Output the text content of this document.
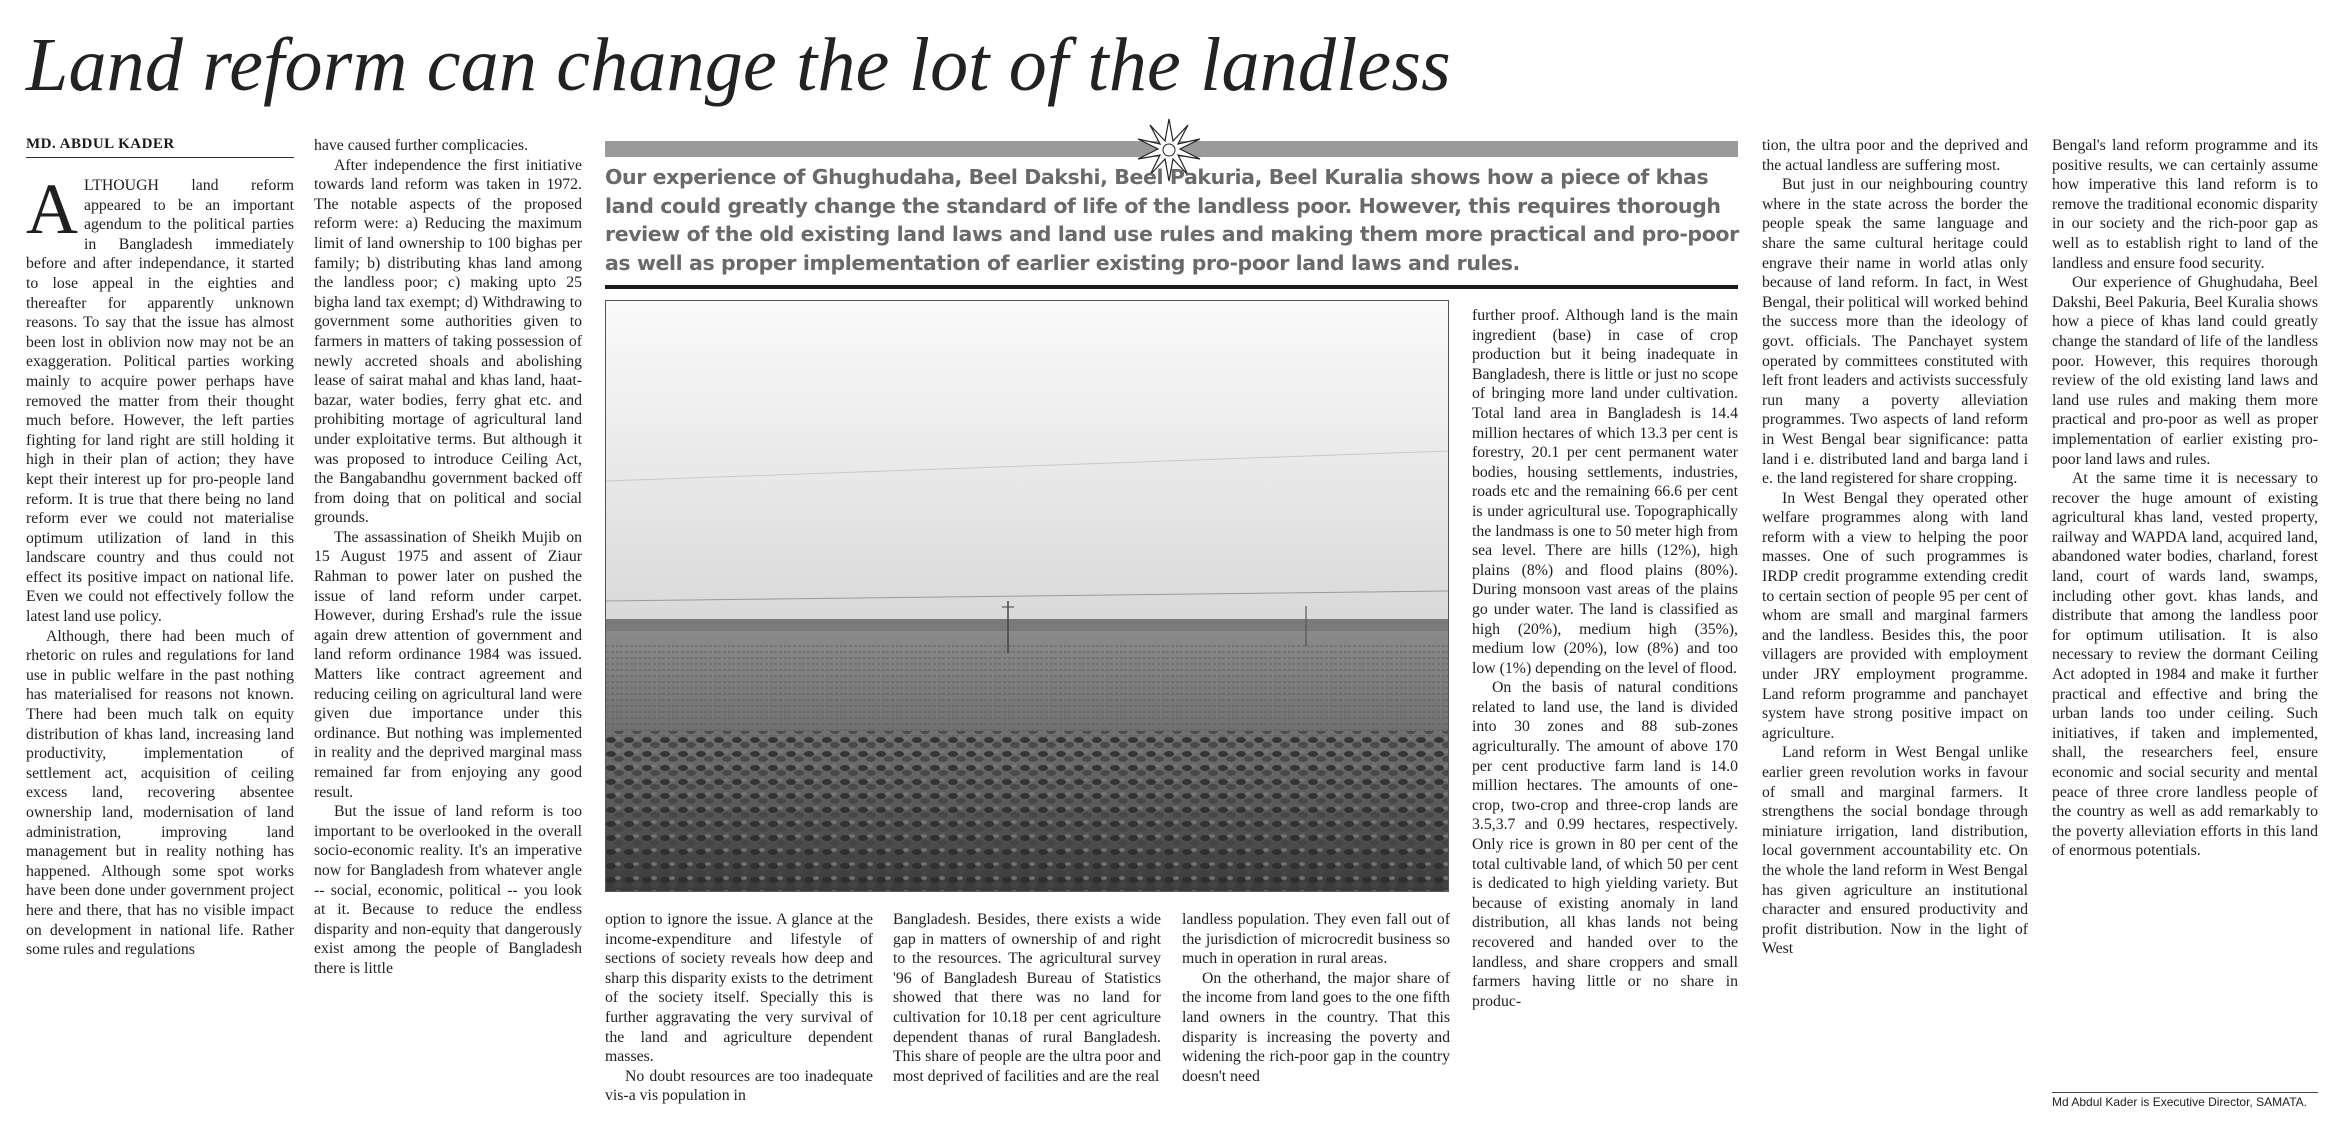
Land reform can change the lot of the landless
MD. ABDUL KADER
A LTHOUGH land reform appeared to be an important agendum to the political parties in Bangladesh immediately before and after independance, it started to lose appeal in the eighties and thereafter for apparently unknown reasons. To say that the issue has almost been lost in oblivion now may not be an exaggeration. Political parties working mainly to acquire power perhaps have removed the matter from their thought much before. However, the left parties fighting for land right are still holding it high in their plan of action; they have kept their interest up for pro-people land reform. It is true that there being no land reform ever we could not materialise optimum utilization of land in this landscare country and thus could not effect its positive impact on national life. Even we could not effectively follow the latest land use policy.

Although, there had been much of rhetoric on rules and regulations for land use in public welfare in the past nothing has materialised for reasons not known. There had been much talk on equity distribution of khas land, increasing land productivity, implementation of settlement act, acquisition of ceiling excess land, recovering absentee ownership land, modernisation of land administration, improving land management but in reality nothing has happened. Although some spot works have been done under government project here and there, that has no visible impact on development in national life. Rather some rules and regulations

have caused further complicacies.

After independence the first initiative towards land reform was taken in 1972. The notable aspects of the proposed reform were: a) Reducing the maximum limit of land ownership to 100 bighas per family; b) distributing khas land among the landless poor; c) making upto 25 bigha land tax exempt; d) Withdrawing to government some authorities given to farmers in matters of taking possession of newly accreted shoals and abolishing lease of sairat mahal and khas land, haat-bazar, water bodies, ferry ghat etc. and prohibiting mortage of agricultural land under exploitative terms. But although it was proposed to introduce Ceiling Act, the Bangabandhu government backed off from doing that on political and social grounds.

The assassination of Sheikh Mujib on 15 August 1975 and assent of Ziaur Rahman to power later on pushed the issue of land reform under carpet. However, during Ershad's rule the issue again drew attention of government and land reform ordinance 1984 was issued. Matters like contract agreement and reducing ceiling on agricultural land were given due importance under this ordinance. But nothing was implemented in reality and the deprived marginal mass remained far from enjoying any good result.

But the issue of land reform is too important to be overlooked in the overall socio-economic reality. It's an imperative now for Bangladesh from whatever angle -- social, economic, political -- you look at it. Because to reduce the endless disparity and non-equity that dangerously exist among the people of Bangladesh there is little

Our experience of Ghughudaha, Beel Dakshi, Beel Pakuria, Beel Kuralia shows how a piece of khas land could greatly change the standard of life of the landless poor. However, this requires thorough review of the old existing land laws and land use rules and making them more practical and pro-poor as well as proper implementation of earlier existing pro-poor land laws and rules.

option to ignore the issue. A glance at the income-expenditure and lifestyle of sections of society reveals how deep and sharp this disparity exists to the detriment of the society itself. Specially this is further aggravating the very survival of the land and agriculture dependent masses.

No doubt resources are too inadequate vis-a vis population in

Bangladesh. Besides, there exists a wide gap in matters of ownership of and right to the resources. The agricultural survey '96 of Bangladesh Bureau of Statistics showed that there was no land for cultivation for 10.18 per cent agriculture dependent thanas of rural Bangladesh. This share of people are the ultra poor and most deprived of facilities and are the real

landless population. They even fall out of the jurisdiction of microcredit business so much in operation in rural areas.

On the otherhand, the major share of the income from land goes to the one fifth land owners in the country. That this disparity is increasing the poverty and widening the rich-poor gap in the country doesn't need

further proof. Although land is the main ingredient (base) in case of crop production but it being inadequate in Bangladesh, there is little or just no scope of bringing more land under cultivation. Total land area in Bangladesh is 14.4 million hectares of which 13.3 per cent is forestry, 20.1 per cent permanent water bodies, housing settlements, industries, roads etc and the remaining 66.6 per cent is under agricultural use. Topographically the landmass is one to 50 meter high from sea level. There are hills (12%), high plains (8%) and flood plains (80%). During monsoon vast areas of the plains go under water. The land is classified as high (20%), medium high (35%), medium low (20%), low (8%) and too low (1%) depending on the level of flood.

On the basis of natural conditions related to land use, the land is divided into 30 zones and 88 sub-zones agriculturally. The amount of above 170 per cent productive farm land is 14.0 million hectares. The amounts of one-crop, two-crop and three-crop lands are 3.5,3.7 and 0.99 hectares, respectively. Only rice is grown in 80 per cent of the total cultivable land, of which 50 per cent is dedicated to high yielding variety. But because of existing anomaly in land distribution, all khas lands not being recovered and handed over to the landless, and share croppers and small farmers having little or no share in produc-

tion, the ultra poor and the deprived and the actual landless are suffering most.

But just in our neighbouring country where in the state across the border the people speak the same language and share the same cultural heritage could engrave their name in world atlas only because of land reform. In fact, in West Bengal, their political will worked behind the success more than the ideology of govt. officials. The Panchayet system operated by committees constituted with left front leaders and activists successfuly run many a poverty alleviation programmes. Two aspects of land reform in West Bengal bear significance: patta land i e. distributed land and barga land i e. the land registered for share cropping.

In West Bengal they operated other welfare programmes along with land reform with a view to helping the poor masses. One of such programmes is IRDP credit programme extending credit to certain section of people 95 per cent of whom are small and marginal farmers and the landless. Besides this, the poor villagers are provided with employment under JRY employment programme. Land reform programme and panchayet system have strong positive impact on agriculture.

Land reform in West Bengal unlike earlier green revolution works in favour of small and marginal farmers. It strengthens the social bondage through miniature irrigation, land distribution, local government accountability etc. On the whole the land reform in West Bengal has given agriculture an institutional character and ensured productivity and profit distribution. Now in the light of West

Bengal's land reform programme and its positive results, we can certainly assume how imperative this land reform is to remove the traditional economic disparity in our society and the rich-poor gap as well as to establish right to land of the landless and ensure food security.

Our experience of Ghughudaha, Beel Dakshi, Beel Pakuria, Beel Kuralia shows how a piece of khas land could greatly change the standard of life of the landless poor. However, this requires thorough review of the old existing land laws and land use rules and making them more practical and pro-poor as well as proper implementation of earlier existing pro-poor land laws and rules.

At the same time it is necessary to recover the huge amount of existing agricultural khas land, vested property, railway and WAPDA land, acquired land, abandoned water bodies, charland, forest land, court of wards land, swamps, including other govt. khas lands, and distribute that among the landless poor for optimum utilisation. It is also necessary to review the dormant Ceiling Act adopted in 1984 and make it further practical and effective and bring the urban lands too under ceiling. Such initiatives, if taken and implemented, shall, the researchers feel, ensure economic and social security and mental peace of three crore landless people of the country as well as add remarkably to the poverty alleviation efforts in this land of enormous potentials.

Md Abdul Kader is Executive Director, SAMATA.
